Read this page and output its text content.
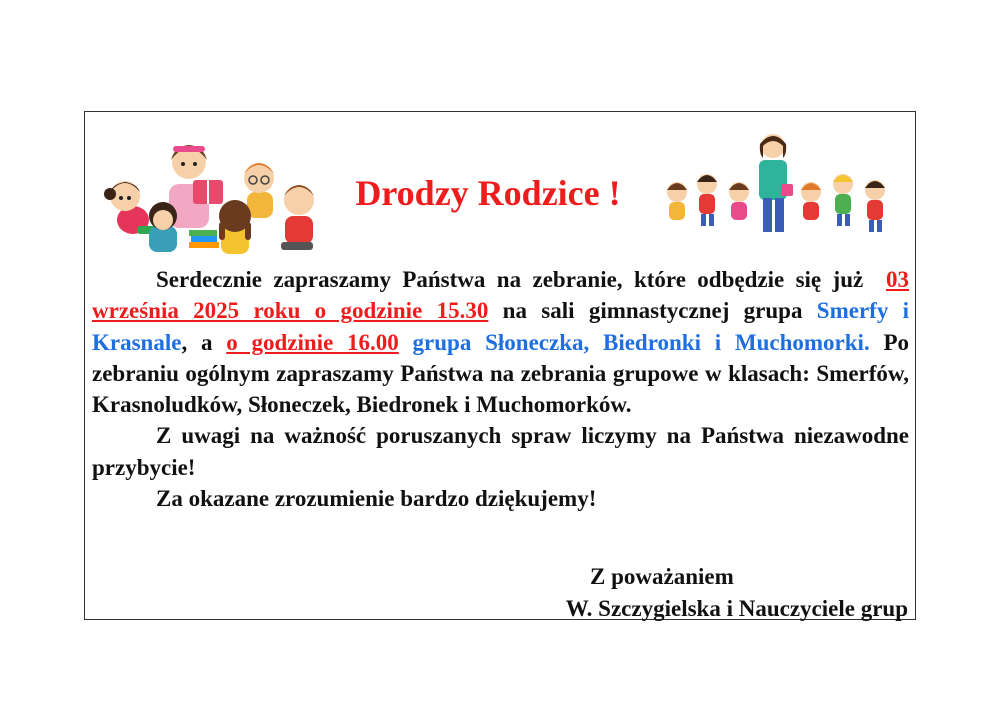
Drodzy Rodzice !

Serdecznie zapraszamy Państwa na zebranie, które odbędzie się już 03 września 2025 roku o godzinie 15.30 na sali gimnastycznej grupa Smerfy i Krasnale, a o godzinie 16.00 grupa Słoneczka, Biedronki i Muchomorki. Po zebraniu ogólnym zapraszamy Państwa na zebrania grupowe w klasach: Smerfów, Krasnoludków, Słoneczek, Biedronek i Muchomorków.

Z uwagi na ważność poruszanych spraw liczymy na Państwa niezawodne przybycie!

Za okazane zrozumienie bardzo dziękujemy!

Z poważaniem
W. Szczygielska i Nauczyciele grup
